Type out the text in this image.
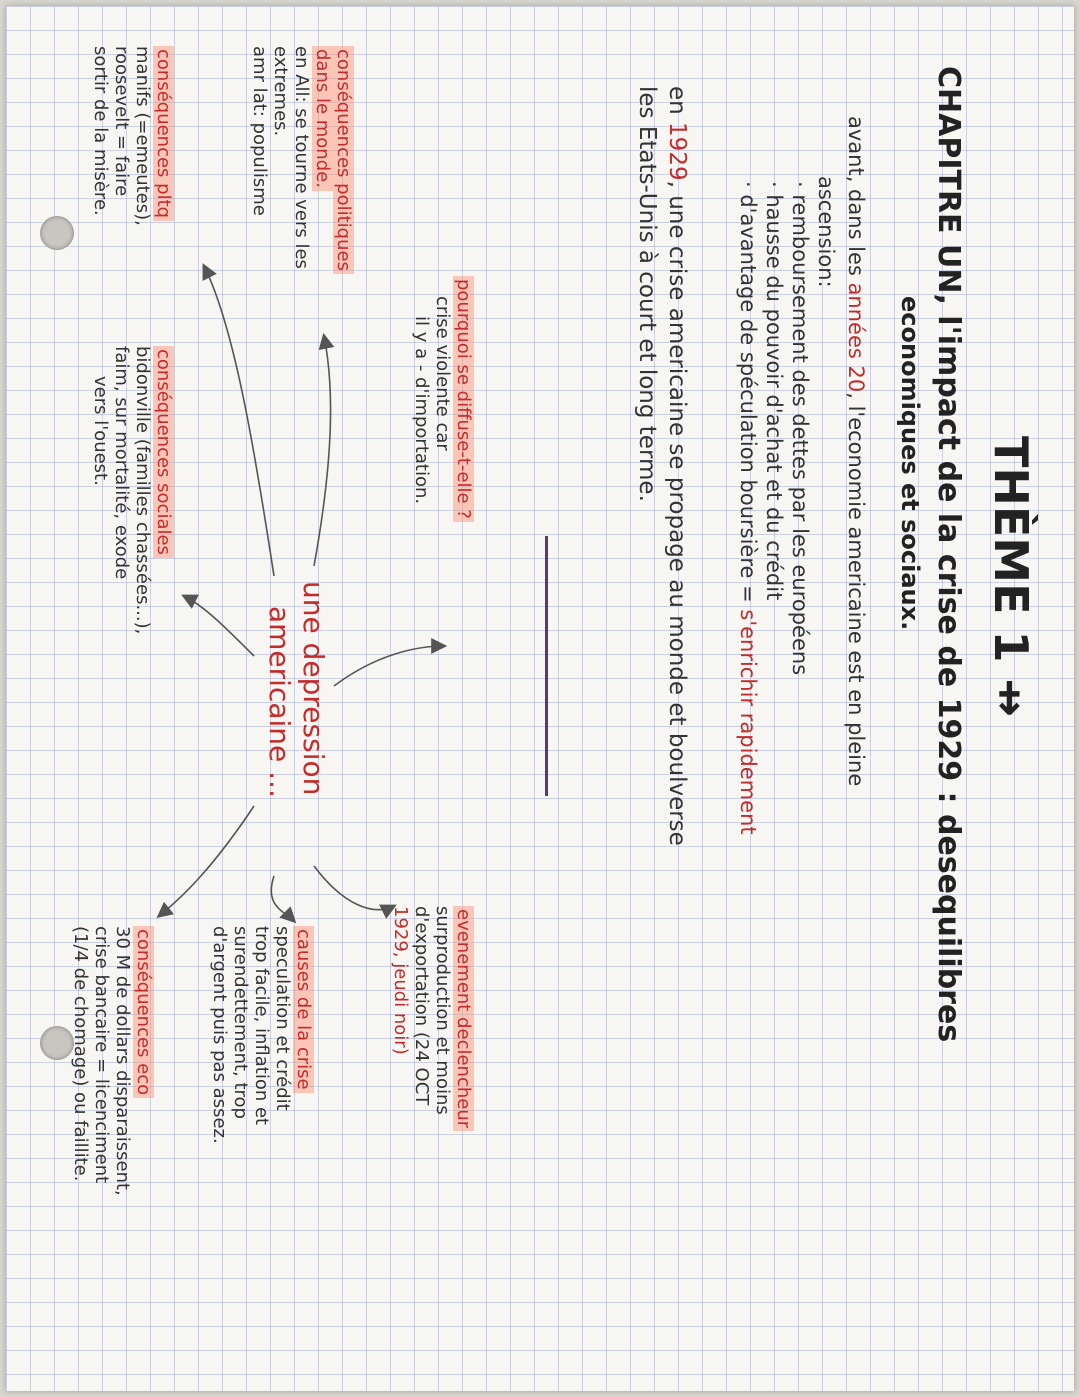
THÈME 1 ⇸
CHAPITRE UN, l'impact de la crise de 1929 : desequilibres
economiques et sociaux.
avant, dans les années 20, l'economie americaine est en pleine
ascension:
· remboursement des dettes par les européens
· hausse du pouvoir d'achat et du crédit
· d'avantage de spéculation boursière = s'enrichir rapidement
en 1929, une crise americaine se propage au monde et boulverse
les Etats-Unis à court et long terme.
pourquoi se diffuse-t-elle ?
crise violente car
il y a - d'importation.
evenement declencheur
surproduction et moins
d'exportation (24 OCT
1929, jeudi noir)
une depression
americaine ...
causes de la crise
speculation et crédit
trop facile, inflation et
surendettement, trop
d'argent puis pas assez.
conséquences politiques
dans le monde.
en All: se tourne vers les
extremes.
amr lat: populisme
conséquences pltq
manifs (=emeutes),
roosevelt = faire
sortir de la misère.
conséquences sociales
bidonville (familles chassées...),
faim, sur mortalité, exode
vers l'ouest.
conséquences eco
30 M de dollars disparaissent,
crise bancaire = licenciment
(1/4 de chomage) ou faillite.
